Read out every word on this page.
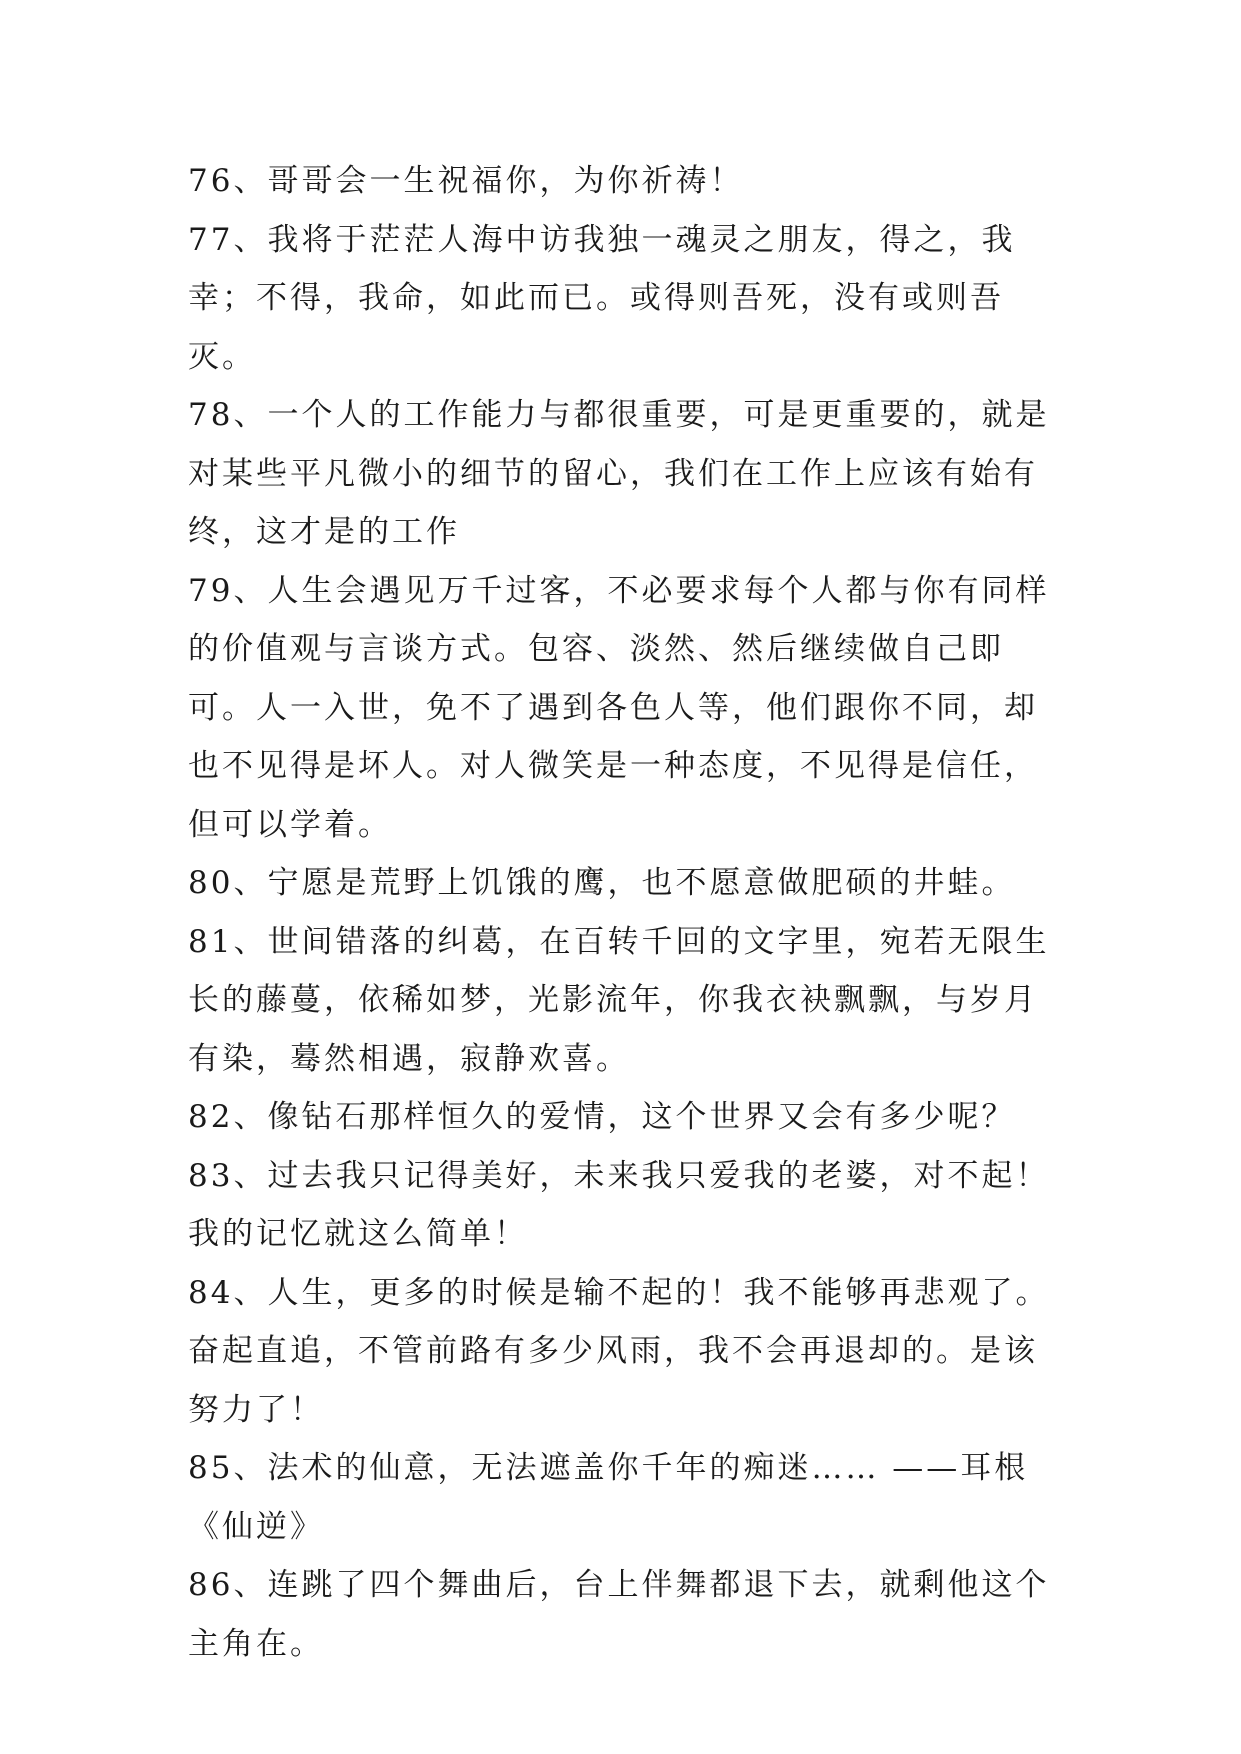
76、哥哥会一生祝福你，为你祈祷！

77、我将于茫茫人海中访我独一魂灵之朋友，得之，我幸；不得，我命，如此而已。或得则吾死，没有或则吾灭。

78、一个人的工作能力与都很重要，可是更重要的，就是对某些平凡微小的细节的留心，我们在工作上应该有始有终，这才是的工作

79、人生会遇见万千过客，不必要求每个人都与你有同样的价值观与言谈方式。包容、淡然、然后继续做自己即可。人一入世，免不了遇到各色人等，他们跟你不同，却也不见得是坏人。对人微笑是一种态度，不见得是信任，但可以学着。

80、宁愿是荒野上饥饿的鹰，也不愿意做肥硕的井蛙。

81、世间错落的纠葛，在百转千回的文字里，宛若无限生长的藤蔓，依稀如梦，光影流年，你我衣袂飘飘，与岁月有染，蓦然相遇，寂静欢喜。

82、像钻石那样恒久的爱情，这个世界又会有多少呢？

83、过去我只记得美好，未来我只爱我的老婆，对不起！我的记忆就这么简单！

84、人生，更多的时候是输不起的！我不能够再悲观了。奋起直追，不管前路有多少风雨，我不会再退却的。是该努力了！

85、法术的仙意，无法遮盖你千年的痴迷…… ——耳根《仙逆》

86、连跳了四个舞曲后，台上伴舞都退下去，就剩他这个主角在。
